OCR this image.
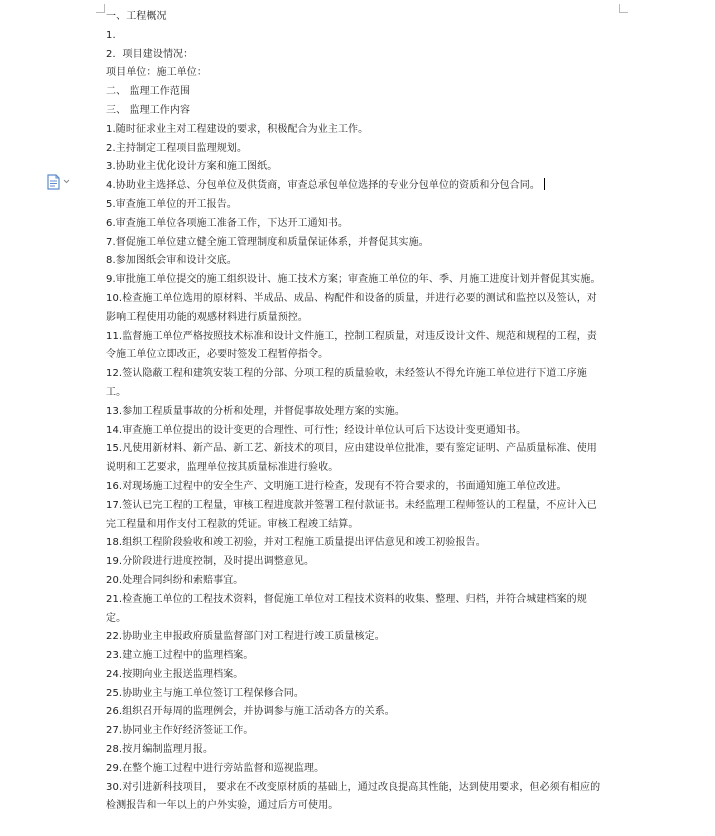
一、工程概况
1.
2．项目建设情况：
项目单位：施工单位：
二、 监理工作范围
三、 监理工作内容
1.随时征求业主对工程建设的要求，积极配合为业主工作。
2.主持制定工程项目监理规划。
3.协助业主优化设计方案和施工图纸。
4.协助业主选择总、分包单位及供货商，审查总承包单位选择的专业分包单位的资质和分包合同。
5.审查施工单位的开工报告。
6.审查施工单位各项施工准备工作，下达开工通知书。
7.督促施工单位建立健全施工管理制度和质量保证体系，并督促其实施。
8.参加图纸会审和设计交底。
9.审批施工单位提交的施工组织设计、施工技术方案；审查施工单位的年、季、月施工进度计划并督促其实施。
10.检查施工单位选用的原材料、半成品、成品、构配件和设备的质量，并进行必要的测试和监控以及签认，对影响工程使用功能的观感材料进行质量预控。
11.监督施工单位严格按照技术标准和设计文件施工，控制工程质量，对违反设计文件、规范和规程的工程，责令施工单位立即改正，必要时签发工程暂停指令。
12.签认隐蔽工程和建筑安装工程的分部、分项工程的质量验收，未经签认不得允许施工单位进行下道工序施工。
13.参加工程质量事故的分析和处理，并督促事故处理方案的实施。
14.审查施工单位提出的设计变更的合理性、可行性；经设计单位认可后下达设计变更通知书。
15.凡使用新材料、新产品、新工艺、新技术的项目，应由建设单位批准，要有鉴定证明、产品质量标准、使用说明和工艺要求，监理单位按其质量标准进行验收。
16.对现场施工过程中的安全生产、文明施工进行检查，发现有不符合要求的，书面通知施工单位改进。
17.签认已完工程的工程量，审核工程进度款并签署工程付款证书。未经监理工程师签认的工程量，不应计入已完工程量和用作支付工程款的凭证。审核工程竣工结算。
18.组织工程阶段验收和竣工初验，并对工程施工质量提出评估意见和竣工初验报告。
19.分阶段进行进度控制，及时提出调整意见。
20.处理合同纠纷和索赔事宜。
21.检查施工单位的工程技术资料，督促施工单位对工程技术资料的收集、整理、归档，并符合城建档案的规定。
22.协助业主申报政府质量监督部门对工程进行竣工质量核定。
23.建立施工过程中的监理档案。
24.按期向业主报送监理档案。
25.协助业主与施工单位签订工程保修合同。
26.组织召开每周的监理例会，并协调参与施工活动各方的关系。
27.协同业主作好经济签证工作。
28.按月编制监理月报。
29.在整个施工过程中进行旁站监督和巡视监理。
30.对引进新科技项目， 要求在不改变原材质的基础上，通过改良提高其性能，达到使用要求，但必须有相应的检测报告和一年以上的户外实验，通过后方可使用。
